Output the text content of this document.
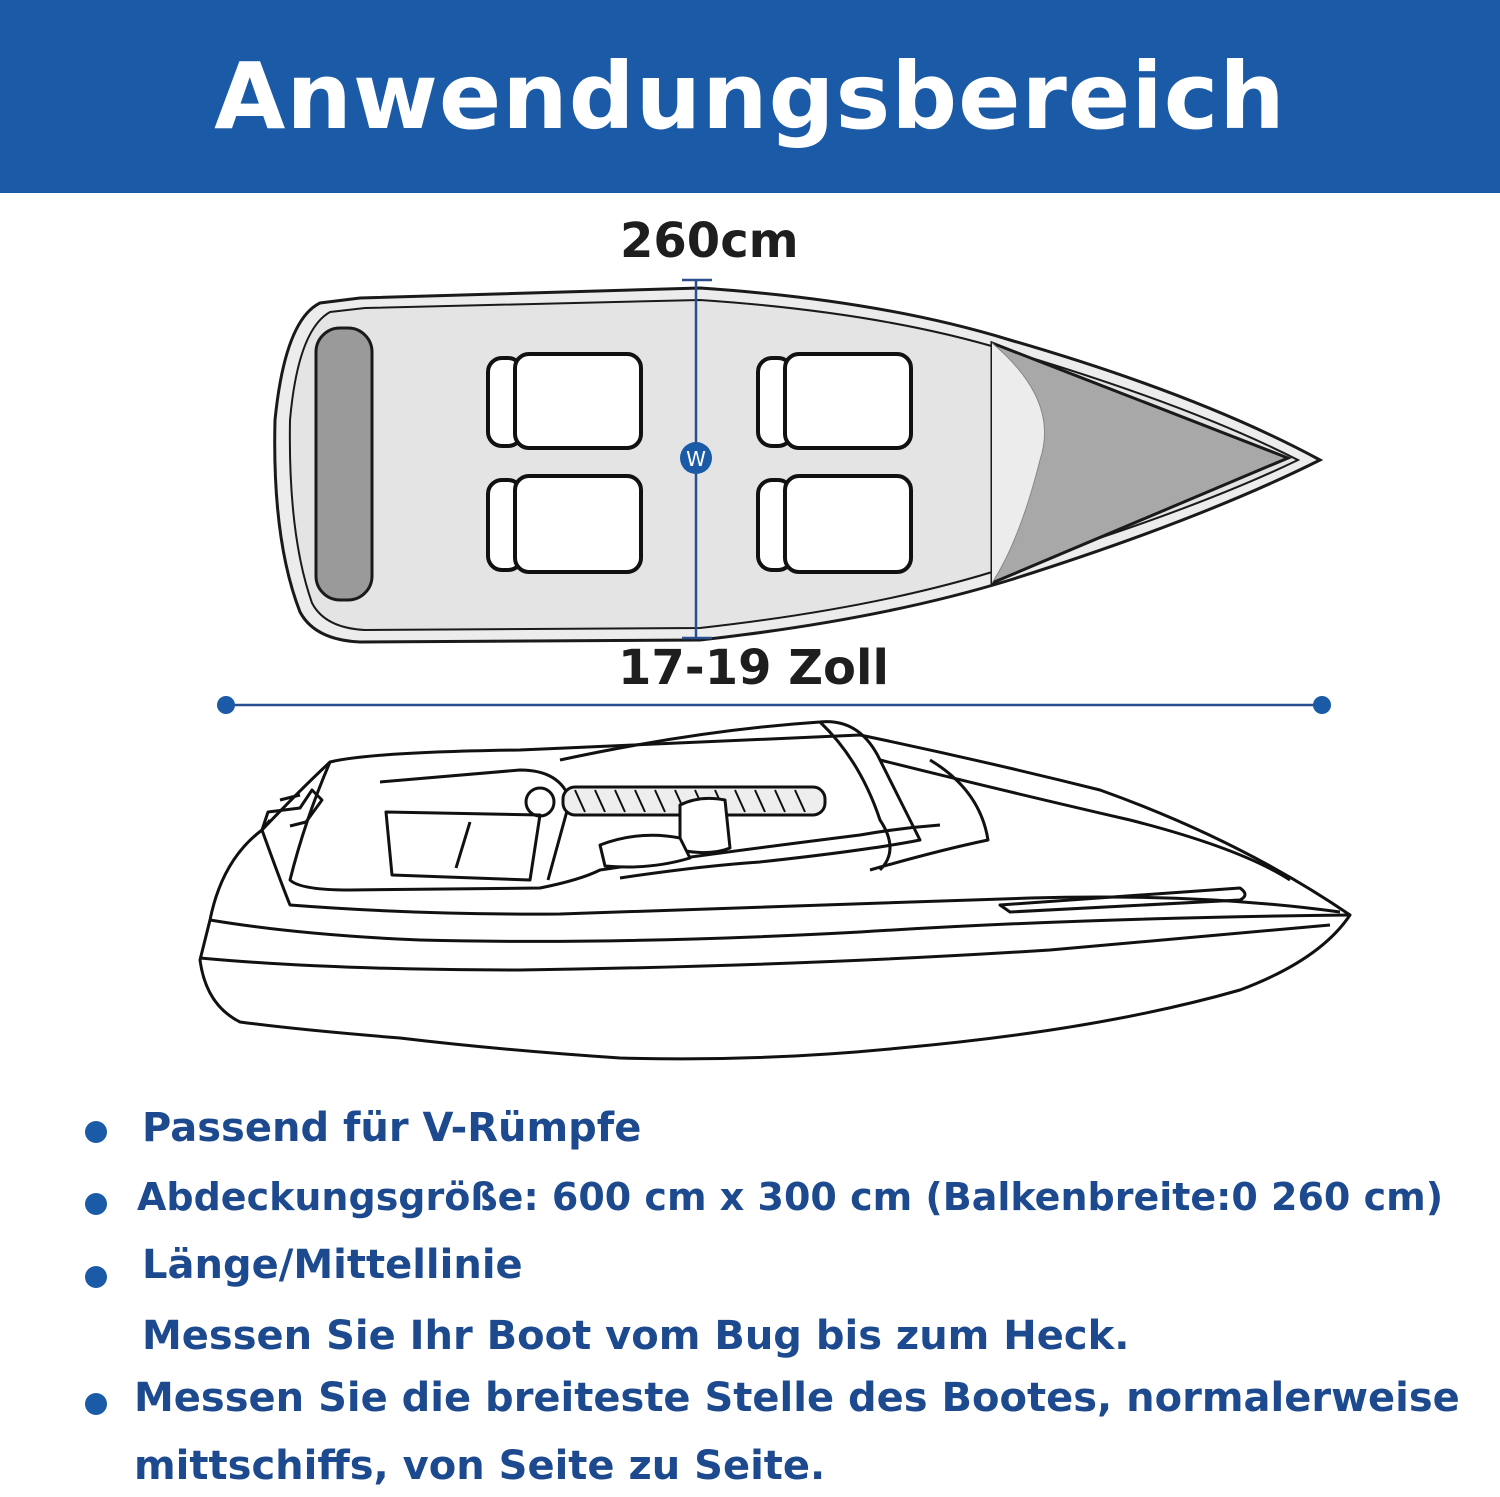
Anwendungsbereich
W
260cm
17-19 Zoll
Passend für V-Rümpfe
Abdeckungsgröße: 600 cm x 300 cm (Balkenbreite:0 260 cm)
Länge/Mittellinie
Messen Sie Ihr Boot vom Bug bis zum Heck.
Messen Sie die breiteste Stelle des Bootes, normalerweise
mittschiffs, von Seite zu Seite.
